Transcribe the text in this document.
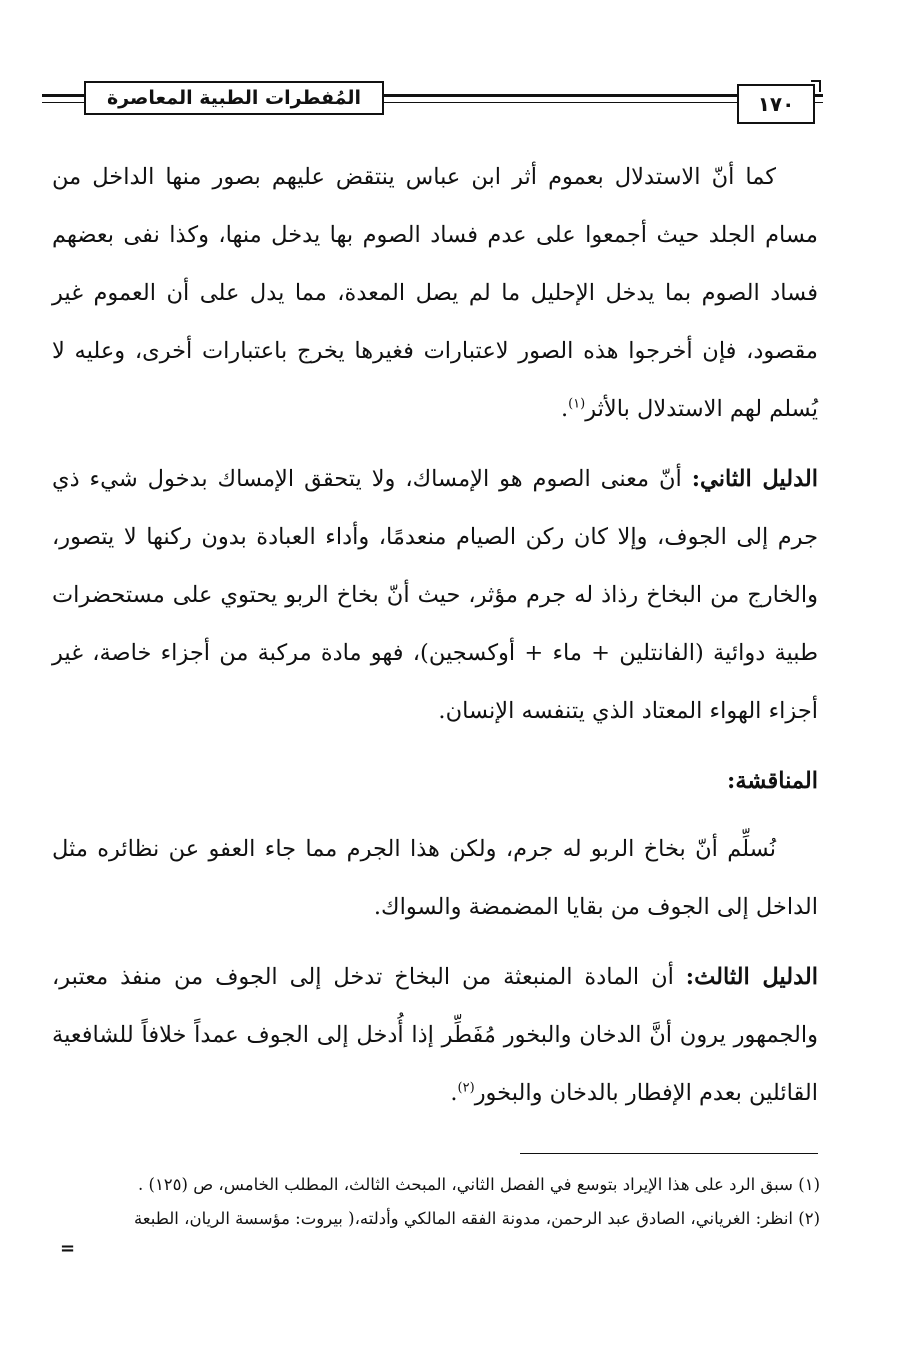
المُفطرات الطبية المعاصرة	١٧٠

كما أنّ الاستدلال بعموم أثر ابن عباس ينتقض عليهم بصور منها الداخل من مسام الجلد حيث أجمعوا على عدم فساد الصوم بها يدخل منها، وكذا نفى بعضهم فساد الصوم بما يدخل الإحليل ما لم يصل المعدة، مما يدل على أن العموم غير مقصود، فإن أخرجوا هذه الصور لاعتبارات فغيرها يخرج باعتبارات أخرى، وعليه لا يُسلم لهم الاستدلال بالأثر$^{(١)}$.

الدليل الثاني: أنّ معنى الصوم هو الإمساك، ولا يتحقق الإمساك بدخول شيء ذي جرم إلى الجوف، وإلا كان ركن الصيام منعدمًا، وأداء العبادة بدون ركنها لا يتصور، والخارج من البخاخ رذاذ له جرم مؤثر، حيث أنّ بخاخ الربو يحتوي على مستحضرات طبية دوائية (الفانتلين + ماء + أوكسجين)، فهو مادة مركبة من أجزاء خاصة، غير أجزاء الهواء المعتاد الذي يتنفسه الإنسان.

المناقشة:

نُسلِّم أنّ بخاخ الربو له جرم، ولكن هذا الجرم مما جاء العفو عن نظائره مثل الداخل إلى الجوف من بقايا المضمضة والسواك.

الدليل الثالث: أن المادة المنبعثة من البخاخ تدخل إلى الجوف من منفذ معتبر، والجمهور يرون أنَّ الدخان والبخور مُفَطِّر إذا أُدخل إلى الجوف عمداً خلافاً للشافعية القائلين بعدم الإفطار بالدخان والبخور$^{(٢)}$.

(١) سبق الرد على هذا الإيراد بتوسع في الفصل الثاني، المبحث الثالث، المطلب الخامس، ص (١٢٥) .

(٢) انظر: الغرياني، الصادق عبد الرحمن، مدونة الفقه المالكي وأدلته،( بيروت: مؤسسة الريان، الطبعة

=
